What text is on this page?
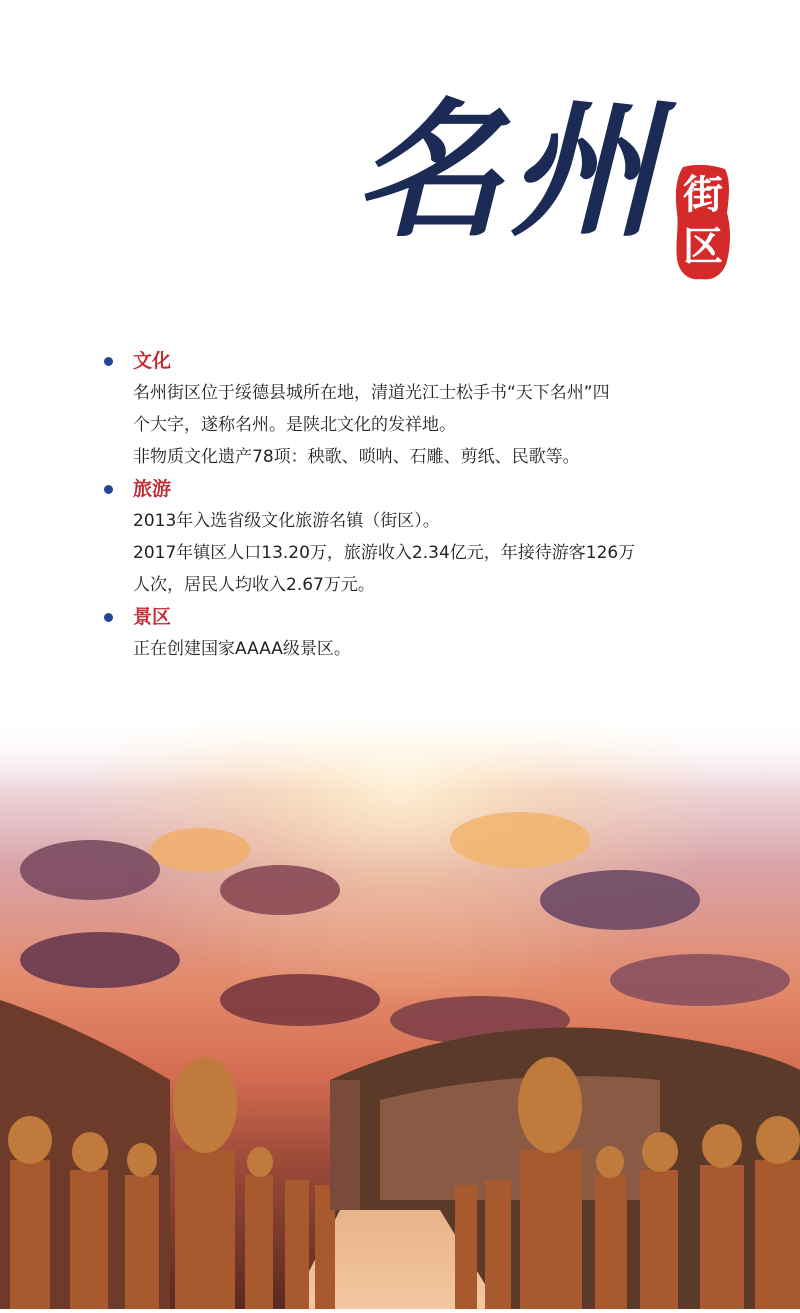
名州 街
区
文化
名州街区位于绥德县城所在地，清道光江士松手书“天下名州”四
个大字，遂称名州。是陕北文化的发祥地。
非物质文化遗产78项：秧歌、唢呐、石雕、剪纸、民歌等。
旅游
2013年入选省级文化旅游名镇（街区）。
2017年镇区人口13.20万，旅游收入2.34亿元，年接待游客126万
人次，居民人均收入2.67万元。
景区
正在创建国家AAAA级景区。
